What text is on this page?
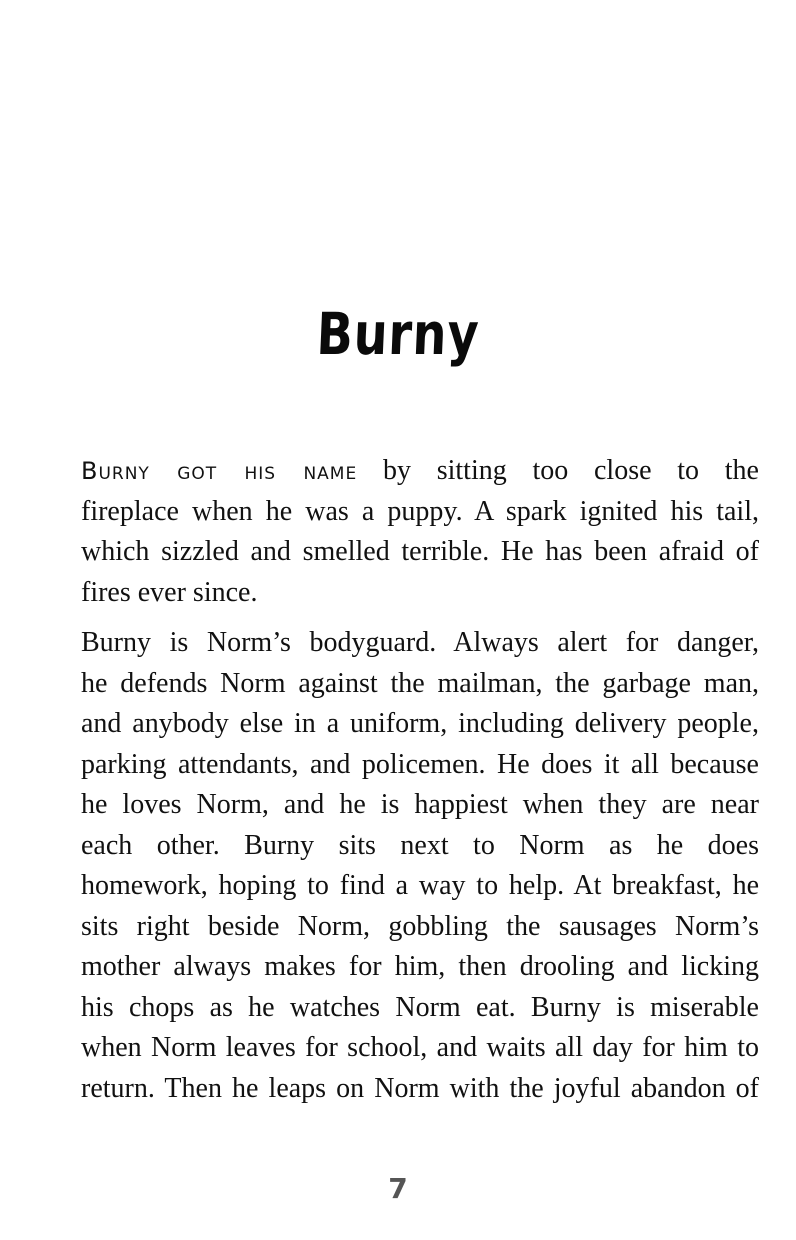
Burny
Burny got his name by sitting too close to the
fireplace when he was a puppy. A spark ignited his tail,
which sizzled and smelled terrible. He has been afraid of
fires ever since.
Burny is Norm’s bodyguard. Always alert for danger,
he defends Norm against the mailman, the garbage man,
and anybody else in a uniform, including delivery people,
parking attendants, and policemen. He does it all because
he loves Norm, and he is happiest when they are near
each other. Burny sits next to Norm as he does
homework, hoping to find a way to help. At breakfast, he
sits right beside Norm, gobbling the sausages Norm’s
mother always makes for him, then drooling and licking
his chops as he watches Norm eat. Burny is miserable
when Norm leaves for school, and waits all day for him to
return. Then he leaps on Norm with the joyful abandon of
7
